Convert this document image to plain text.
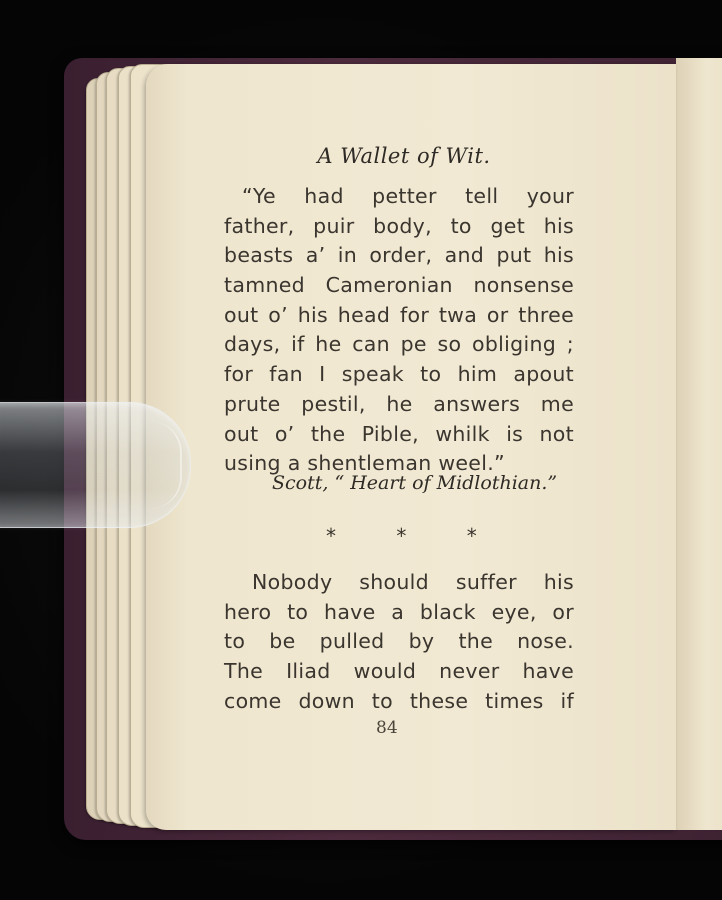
A Wallet of Wit.
“Ye had petter tell your
father, puir body, to get his
beasts a’ in order, and put his
tamned Cameronian nonsense
out o’ his head for twa or three
days, if he can pe so obliging ;
for fan I speak to him apout
prute pestil, he answers me
out o’ the Pible, whilk is not
using a shentleman weel.”
Scott, “ Heart of Midlothian.”
*	*	*
Nobody should suffer his
hero to have a black eye, or
to be pulled by the nose.
The Iliad would never have
come down to these times if
84
